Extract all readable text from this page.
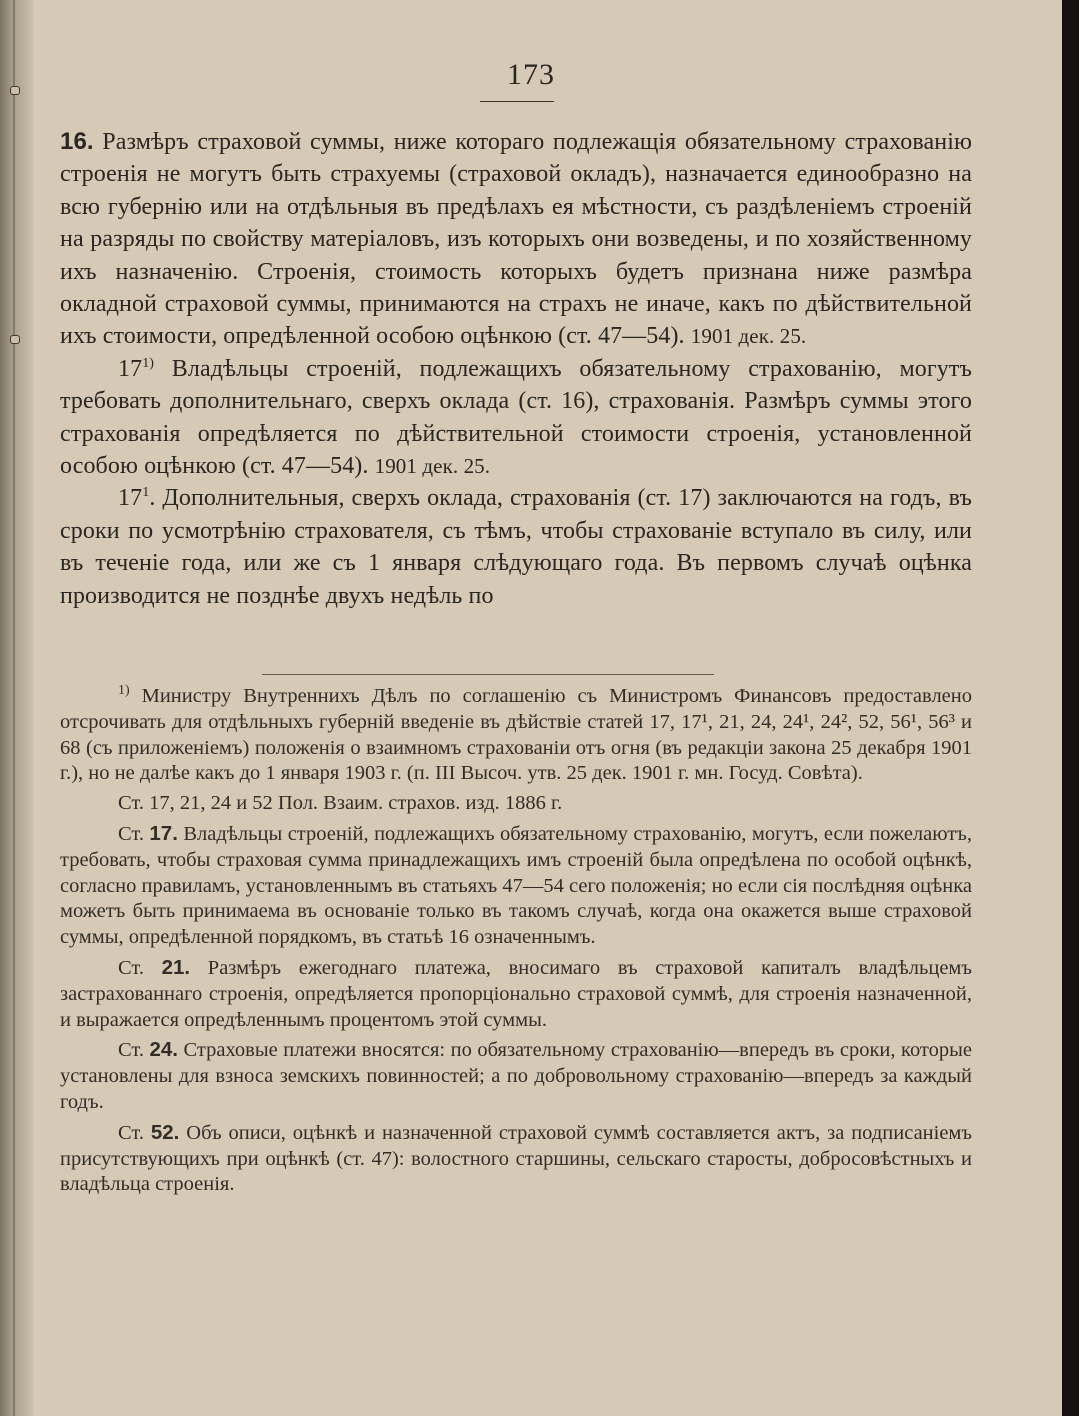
173

16. Размѣръ страховой суммы, ниже котораго подлежащія обязательному страхованію строенія не могутъ быть страхуемы (страховой окладъ), назначается единообразно на всю губернію или на отдѣльныя въ предѣлахъ ея мѣстности, съ раздѣленіемъ строеній на разряды по свойству матеріаловъ, изъ которыхъ они возведены, и по хозяйственному ихъ назначенію. Строенія, стоимость которыхъ будетъ признана ниже размѣра окладной страховой суммы, принимаются на страхъ не иначе, какъ по дѣйствительной ихъ стоимости, опредѣленной особою оцѣнкою (ст. 47—54). 1901 дек. 25.

17$^{1)}$ Владѣльцы строеній, подлежащихъ обязательному страхованію, могутъ требовать дополнительнаго, сверхъ оклада (ст. 16), страхованія. Размѣръ суммы этого страхованія опредѣляется по дѣйствительной стоимости строенія, установленной особою оцѣнкою (ст. 47—54). 1901 дек. 25.

$17^1$. Дополнительныя, сверхъ оклада, страхованія (ст. 17) заключаются на годъ, въ сроки по усмотрѣнію страхователя, съ тѣмъ, чтобы страхованіе вступало въ силу, или въ теченіе года, или же съ 1 января слѣдующаго года. Въ первомъ случаѣ оцѣнка производится не позднѣе двухъ недѣль по

$^{1)}$ Министру Внутреннихъ Дѣлъ по соглашенію съ Министромъ Финансовъ предоставлено отсрочивать для отдѣльныхъ губерній введеніе въ дѣйствіе статей 17, 17¹, 21, 24, 24¹, 24², 52, 56¹, 56³ и 68 (съ приложеніемъ) положенія о взаимномъ страхованіи отъ огня (въ редакціи закона 25 декабря 1901 г.), но не далѣе какъ до 1 января 1903 г. (п. III Высоч. утв. 25 дек. 1901 г. мн. Госуд. Совѣта).

Ст. 17, 21, 24 и 52 Пол. Взаим. страхов. изд. 1886 г.

Ст. 17. Владѣльцы строеній, подлежащихъ обязательному страхованію, могутъ, если пожелаютъ, требовать, чтобы страховая сумма принадлежащихъ имъ строеній была опредѣлена по особой оцѣнкѣ, согласно правиламъ, установленнымъ въ статьяхъ 47—54 сего положенія; но если сія послѣдняя оцѣнка можетъ быть принимаема въ основаніе только въ такомъ случаѣ, когда она окажется выше страховой суммы, опредѣленной порядкомъ, въ статьѣ 16 означеннымъ.

Ст. 21. Размѣръ ежегоднаго платежа, вносимаго въ страховой капиталъ владѣльцемъ застрахованнаго строенія, опредѣляется пропорціонально страховой суммѣ, для строенія назначенной, и выражается опредѣленнымъ процентомъ этой суммы.

Ст. 24. Страховые платежи вносятся: по обязательному страхованію—впередъ въ сроки, которые установлены для взноса земскихъ повинностей; а по добровольному страхованію—впередъ за каждый годъ.

Ст. 52. Объ описи, оцѣнкѣ и назначенной страховой суммѣ составляется актъ, за подписаніемъ присутствующихъ при оцѣнкѣ (ст. 47): волостного старшины, сельскаго старосты, добросовѣстныхъ и владѣльца строенія.
